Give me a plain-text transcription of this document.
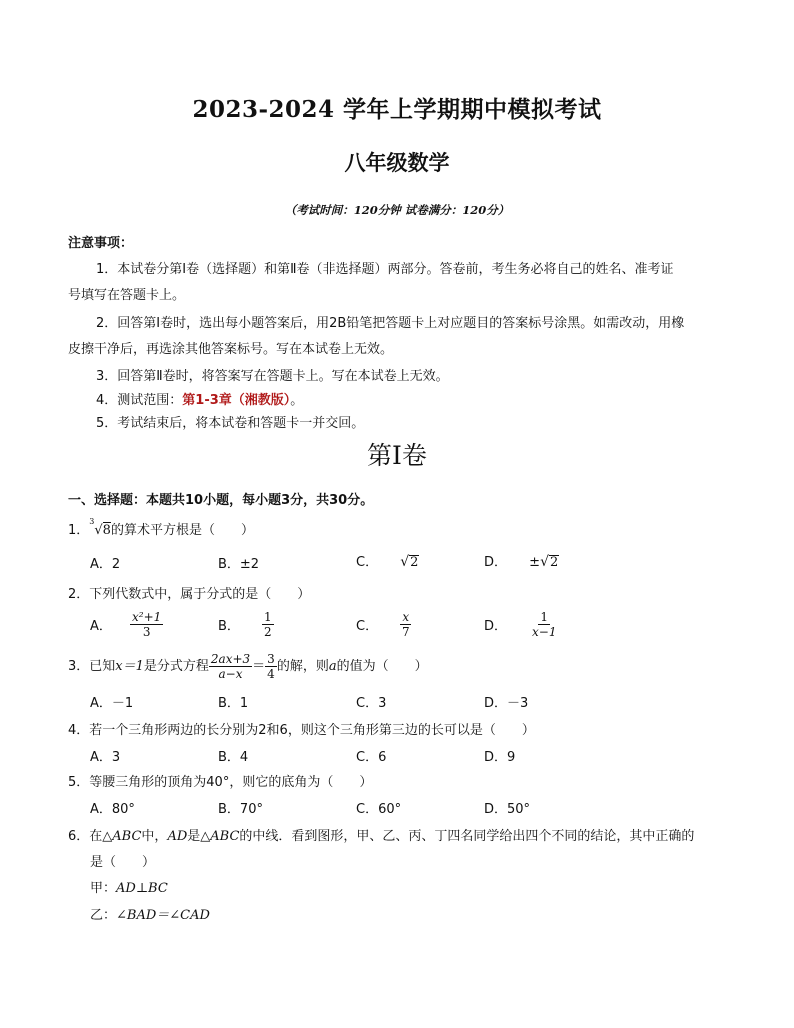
2023-2024 学年上学期期中模拟考试
八年级数学
（考试时间：120分钟 试卷满分：120分）
注意事项：
1．本试卷分第Ⅰ卷（选择题）和第Ⅱ卷（非选择题）两部分。答卷前，考生务必将自己的姓名、准考证
号填写在答题卡上。
2．回答第Ⅰ卷时，选出每小题答案后，用2B铅笔把答题卡上对应题目的答案标号涂黑。如需改动，用橡
皮擦干净后，再选涂其他答案标号。写在本试卷上无效。
3．回答第Ⅱ卷时，将答案写在答题卡上。写在本试卷上无效。
4．测试范围：第1-3章（湘教版）。
5．考试结束后，将本试卷和答题卡一并交回。
第Ⅰ卷
一、选择题：本题共10小题，每小题3分，共30分。
1．$^3$√8的算术平方根是（　　）
A．2	B．±2	C． √ 2	D． ± √ 2
2．下列代数式中，属于分式的是（　　）
A． $\frac{\text{x²+1}}{3}$	B． $\frac{1}{2}$	C． $\frac{x}{7}$	D． $\frac{1}{x-1}$
3．已知x＝1是分式方程 $\frac{2ax+3}{a-x} = \frac{3}{4}$ 的解，则a的值为（　　）
A．－1	B．1	C．3	D．－3
4．若一个三角形两边的长分别为2和6，则这个三角形第三边的长可以是（　　）
A．3	B．4	C．6	D．9
5．等腰三角形的顶角为40°，则它的底角为（　　）
A．80°	B．70°	C．60°	D．50°
6．在△ABC中，AD是△ABC的中线．看到图形，甲、乙、丙、丁四名同学给出四个不同的结论，其中正确的
是（　　）
甲：AD⊥BC
乙：∠BAD＝∠CAD
